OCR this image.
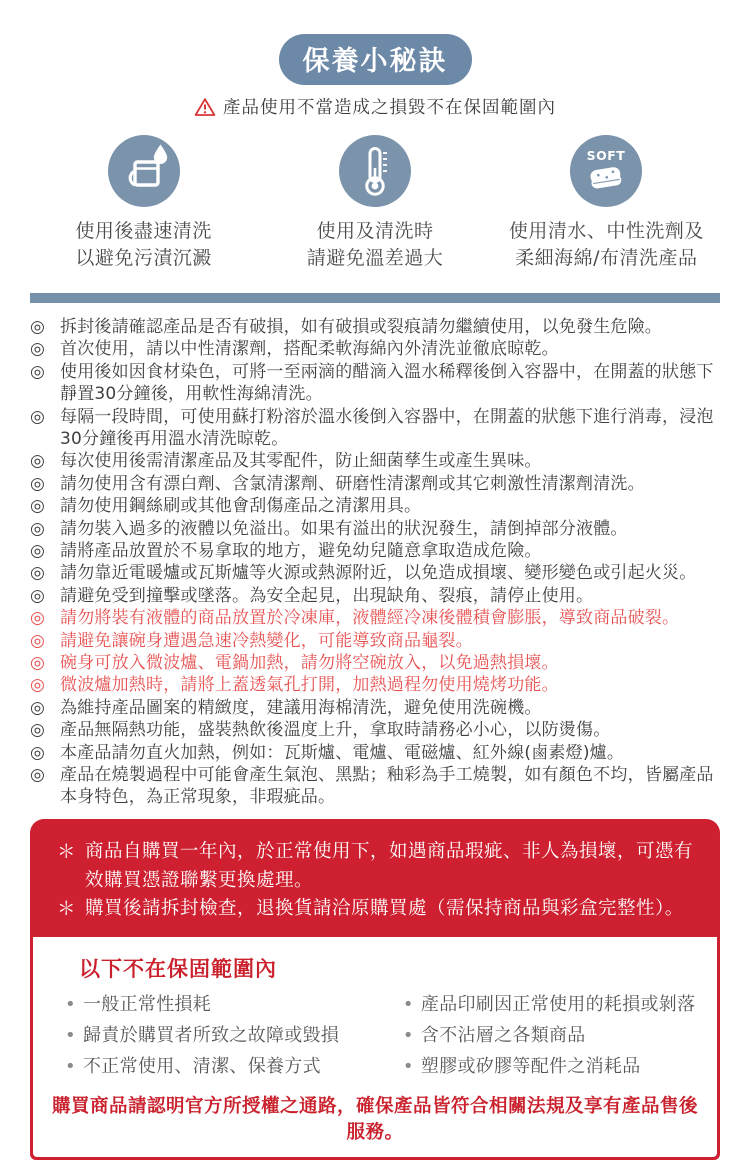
保養小秘訣
產品使用不當造成之損毀不在保固範圍內
使用後盡速清洗
以避免污漬沉澱
使用及清洗時
請避免溫差過大
SOFT
使用清水、中性洗劑及
柔細海綿/布清洗產品
◎ 拆封後請確認產品是否有破損，如有破損或裂痕請勿繼續使用，以免發生危險。
◎ 首次使用，請以中性清潔劑，搭配柔軟海綿內外清洗並徹底晾乾。
◎ 使用後如因食材染色，可將一至兩滴的醋滴入溫水稀釋後倒入容器中，在開蓋的狀態下靜置30分鐘後，用軟性海綿清洗。
◎ 每隔一段時間，可使用蘇打粉溶於溫水後倒入容器中，在開蓋的狀態下進行消毒，浸泡30分鐘後再用溫水清洗晾乾。
◎ 每次使用後需清潔產品及其零配件，防止細菌孳生或產生異味。
◎ 請勿使用含有漂白劑、含氯清潔劑、研磨性清潔劑或其它刺激性清潔劑清洗。
◎ 請勿使用鋼絲刷或其他會刮傷產品之清潔用具。
◎ 請勿裝入過多的液體以免溢出。如果有溢出的狀況發生，請倒掉部分液體。
◎ 請將產品放置於不易拿取的地方，避免幼兒隨意拿取造成危險。
◎ 請勿靠近電暖爐或瓦斯爐等火源或熱源附近，以免造成損壞、變形變色或引起火災。
◎ 請避免受到撞擊或墜落。為安全起見，出現缺角、裂痕，請停止使用。
◎ 請勿將裝有液體的商品放置於冷凍庫，液體經冷凍後體積會膨脹，導致商品破裂。
◎ 請避免讓碗身遭遇急速冷熱變化，可能導致商品龜裂。
◎ 碗身可放入微波爐、電鍋加熱，請勿將空碗放入，以免過熱損壞。
◎ 微波爐加熱時，請將上蓋透氣孔打開，加熱過程勿使用燒烤功能。
◎ 為維持產品圖案的精緻度，建議用海棉清洗，避免使用洗碗機。
◎ 產品無隔熱功能，盛裝熱飲後溫度上升，拿取時請務必小心，以防燙傷。
◎ 本產品請勿直火加熱，例如：瓦斯爐、電爐、電磁爐、紅外線(鹵素燈)爐。
◎ 產品在燒製過程中可能會產生氣泡、黑點；釉彩為手工燒製，如有顏色不均，皆屬產品本身特色，為正常現象，非瑕疵品。
＊ 商品自購買一年內，於正常使用下，如遇商品瑕疵、非人為損壞，可憑有效購買憑證聯繫更換處理。
＊ 購買後請拆封檢查，退換貨請洽原購買處（需保持商品與彩盒完整性）。
以下不在保固範圍內
• 一般正常性損耗
• 歸責於購買者所致之故障或毀損
• 不正常使用、清潔、保養方式
• 產品印刷因正常使用的耗損或剝落
• 含不沾層之各類商品
• 塑膠或矽膠等配件之消耗品
購買商品請認明官方所授權之通路，確保產品皆符合相關法規及享有產品售後服務。
